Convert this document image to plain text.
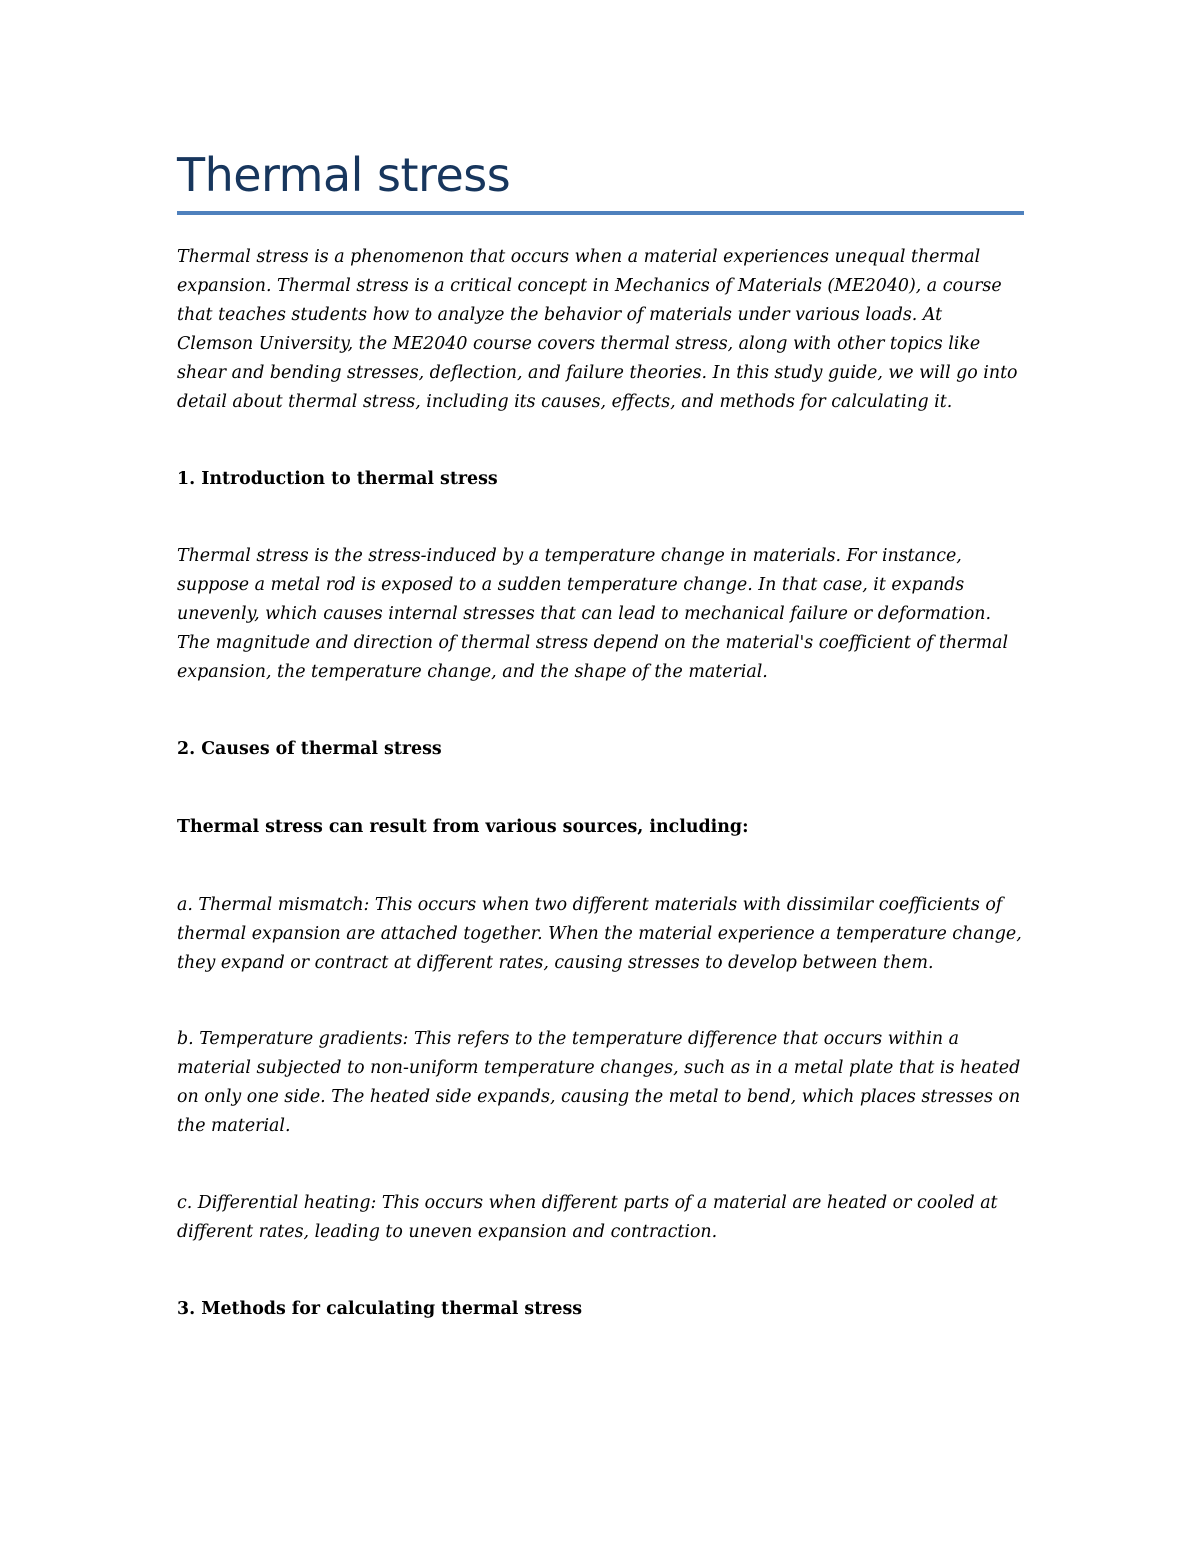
Thermal stress

Thermal stress is a phenomenon that occurs when a material experiences unequal thermal expansion. Thermal stress is a critical concept in Mechanics of Materials (ME2040), a course that teaches students how to analyze the behavior of materials under various loads. At Clemson University, the ME2040 course covers thermal stress, along with other topics like shear and bending stresses, deflection, and failure theories. In this study guide, we will go into detail about thermal stress, including its causes, effects, and methods for calculating it.

1. Introduction to thermal stress

Thermal stress is the stress-induced by a temperature change in materials. For instance, suppose a metal rod is exposed to a sudden temperature change. In that case, it expands unevenly, which causes internal stresses that can lead to mechanical failure or deformation. The magnitude and direction of thermal stress depend on the material's coefficient of thermal expansion, the temperature change, and the shape of the material.

2. Causes of thermal stress

Thermal stress can result from various sources, including:

a. Thermal mismatch: This occurs when two different materials with dissimilar coefficients of thermal expansion are attached together. When the material experience a temperature change, they expand or contract at different rates, causing stresses to develop between them.

b. Temperature gradients: This refers to the temperature difference that occurs within a material subjected to non-uniform temperature changes, such as in a metal plate that is heated on only one side. The heated side expands, causing the metal to bend, which places stresses on the material.

c. Differential heating: This occurs when different parts of a material are heated or cooled at different rates, leading to uneven expansion and contraction.

3. Methods for calculating thermal stress
